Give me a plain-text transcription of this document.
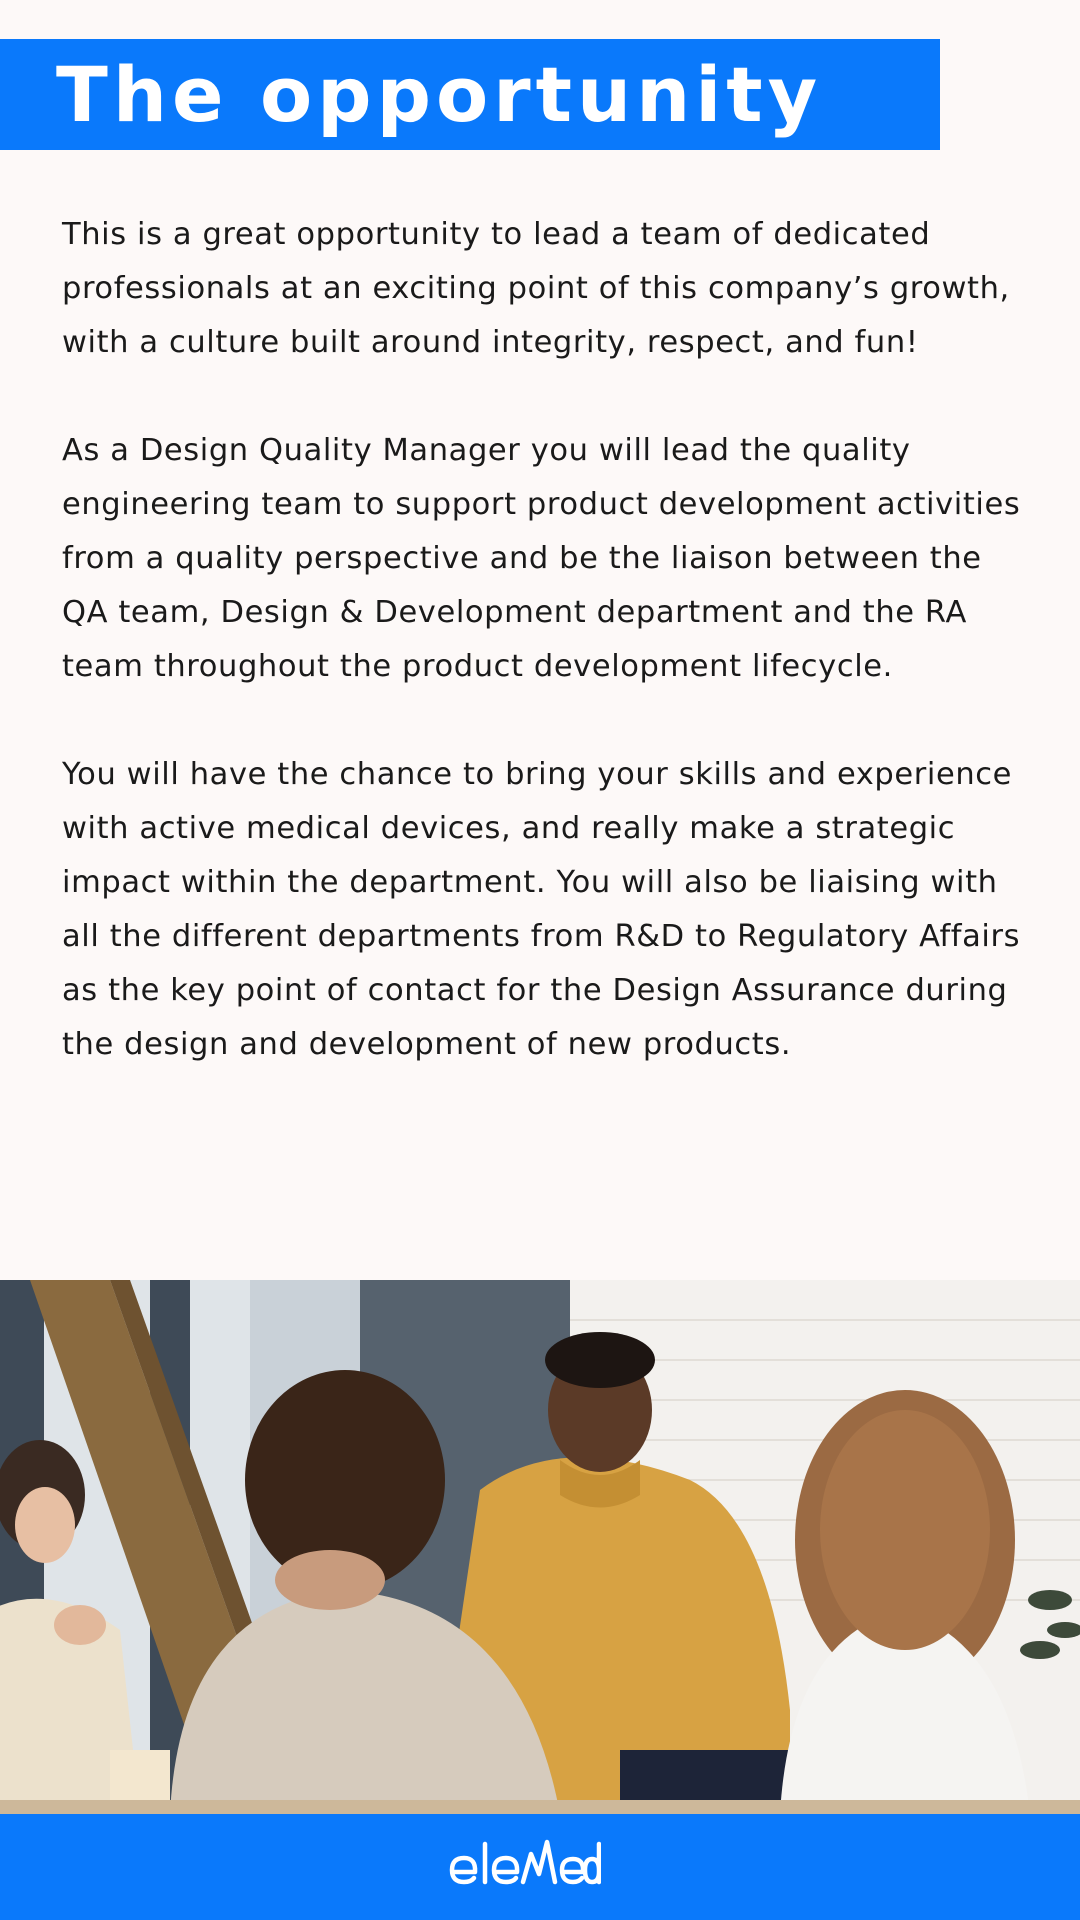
The opportunity

This is a great opportunity to lead a team of dedicated professionals at an exciting point of this company’s growth, with a culture built around integrity, respect, and fun!

As a Design Quality Manager you will lead the quality engineering team to support product development activities from a quality perspective and be the liaison between the QA team, Design & Development department and the RA team throughout the product development lifecycle.

You will have the chance to bring your skills and experience with active medical devices, and really make a strategic impact within the department. You will also be liaising with all the different departments from R&D to Regulatory Affairs as the key point of contact for the Design Assurance during the design and development of new products.
